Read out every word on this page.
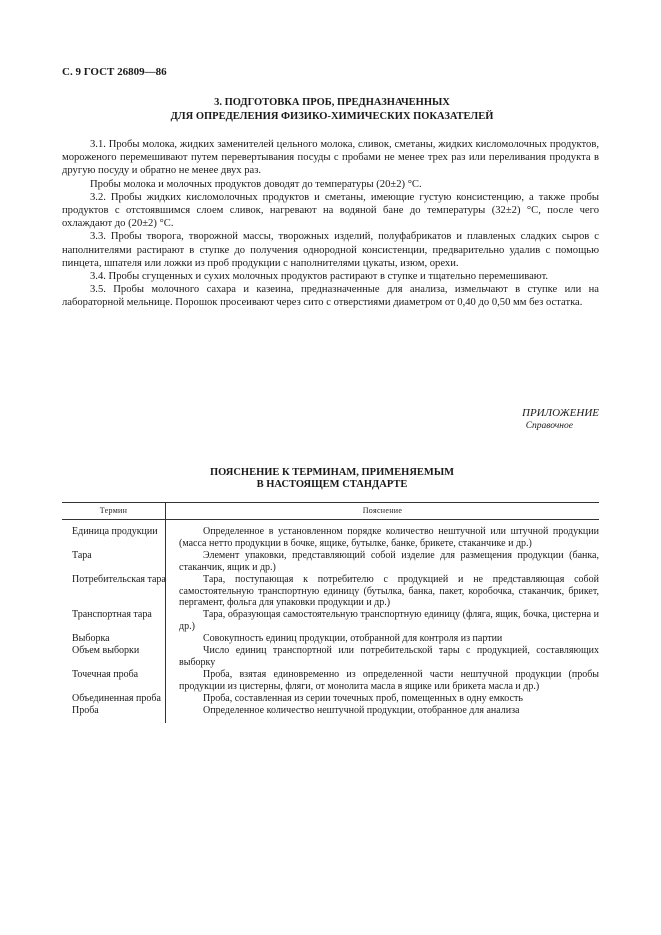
С. 9 ГОСТ 26809—86
3. ПОДГОТОВКА ПРОБ, ПРЕДНАЗНАЧЕННЫХ
ДЛЯ ОПРЕДЕЛЕНИЯ ФИЗИКО-ХИМИЧЕСКИХ ПОКАЗАТЕЛЕЙ

3.1. Пробы молока, жидких заменителей цельного молока, сливок, сметаны, жидких кисломолочных продуктов, мороженого перемешивают путем перевертывания посуды с пробами не менее трех раз или переливания продукта в другую посуду и обратно не менее двух раз.

Пробы молока и молочных продуктов доводят до температуры (20±2) °С.

3.2. Пробы жидких кисломолочных продуктов и сметаны, имеющие густую консистенцию, а также пробы продуктов с отстоявшимся слоем сливок, нагревают на водяной бане до температуры (32±2) °С, после чего охлаждают до (20±2) °С.

3.3. Пробы творога, творожной массы, творожных изделий, полуфабрикатов и плавленых сладких сыров с наполнителями растирают в ступке до получения однородной консистенции, предварительно удалив с помощью пинцета, шпателя или ложки из проб продукции с наполнителями цукаты, изюм, орехи.

3.4. Пробы сгущенных и сухих молочных продуктов растирают в ступке и тщательно перемешивают.

3.5. Пробы молочного сахара и казеина, предназначенные для анализа, измельчают в ступке или на лабораторной мельнице. Порошок просеивают через сито с отверстиями диаметром от 0,40 до 0,50 мм без остатка.

ПРИЛОЖЕНИЕ
Справочное
ПОЯСНЕНИЕ К ТЕРМИНАМ, ПРИМЕНЯЕМЫМ
В НАСТОЯЩЕМ СТАНДАРТЕ
Термин	Пояснение
Единица продукции	Определенное в установленном порядке количество нештучной или штучной продукции (масса нетто продукции в бочке, ящике, бутылке, банке, брикете, стаканчике и др.)
Тара	Элемент упаковки, представляющий собой изделие для размещения продукции (банка, стаканчик, ящик и др.)
Потребительская тара	Тара, поступающая к потребителю с продукцией и не представляющая собой самостоятельную транспортную единицу (бутылка, банка, пакет, коробочка, стаканчик, брикет, пергамент, фольга для упаковки продукции и др.)
Транспортная тара	Тара, образующая самостоятельную транспортную единицу (фляга, ящик, бочка, цистерна и др.)
Выборка	Совокупность единиц продукции, отобранной для контроля из партии
Объем выборки	Число единиц транспортной или потребительской тары с продукцией, составляющих выборку
Точечная проба	Проба, взятая единовременно из определенной части нештучной продукции (пробы продукции из цистерны, фляги, от монолита масла в ящике или брикета масла и др.)
Объединенная проба	Проба, составленная из серии точечных проб, помещенных в одну емкость
Проба	Определенное количество нештучной продукции, отобранное для анализа
